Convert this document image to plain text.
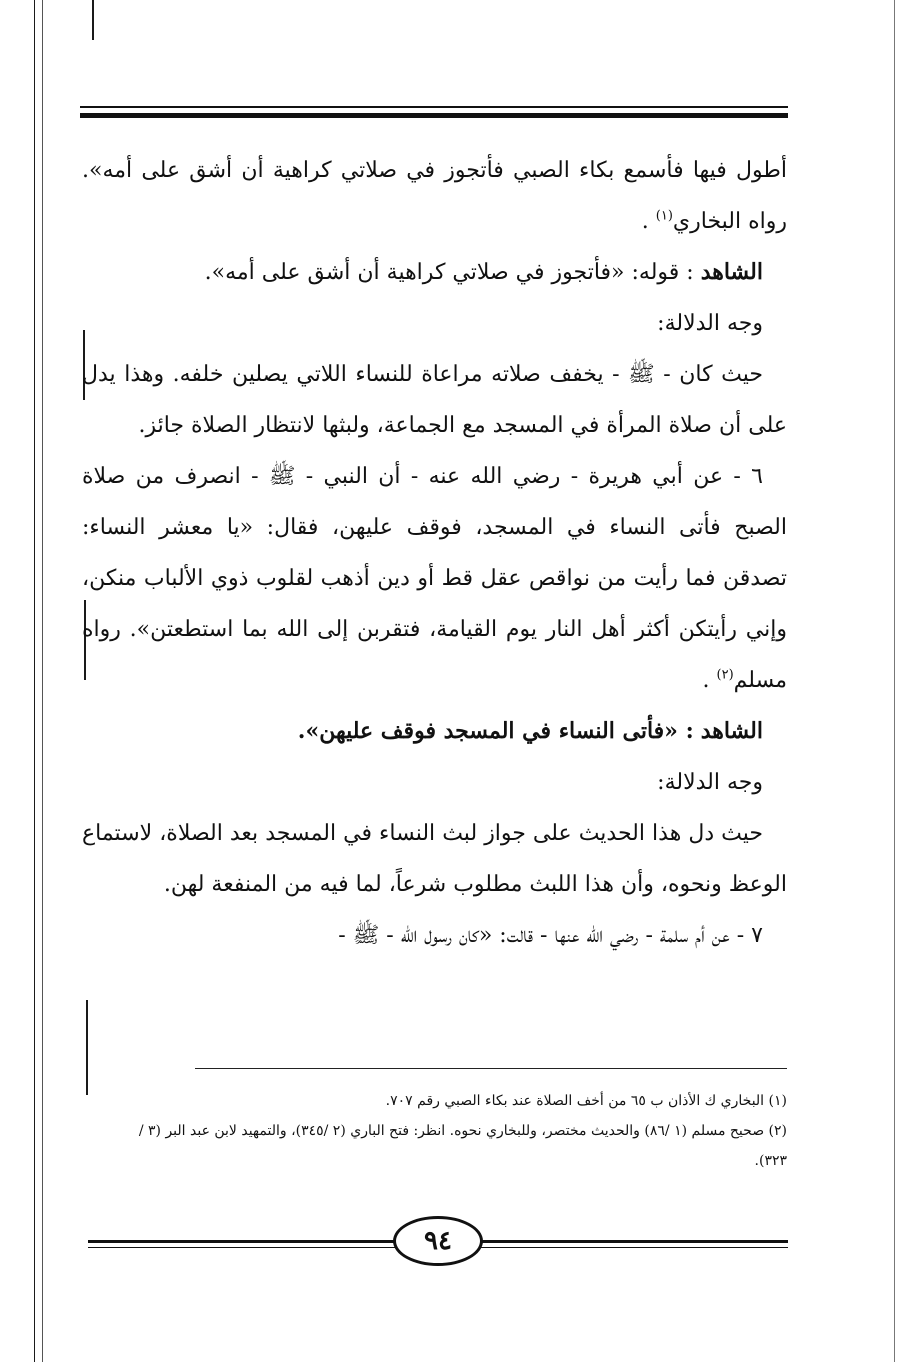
أطول فيها فأسمع بكاء الصبي فأتجوز في صلاتي كراهية أن أشق على أمه». رواه البخاري$^{(١)}$ .

الشاهد : قوله: «فأتجوز في صلاتي كراهية أن أشق على أمه».

وجه الدلالة:

حيث كان - ﷺ - يخفف صلاته مراعاة للنساء اللاتي يصلين خلفه. وهذا يدل على أن صلاة المرأة في المسجد مع الجماعة، ولبثها لانتظار الصلاة جائز.

٦ - عن أبي هريرة - رضي الله عنه - أن النبي - ﷺ - انصرف من صلاة الصبح فأتى النساء في المسجد، فوقف عليهن، فقال: «يا معشر النساء: تصدقن فما رأيت من نواقص عقل قط أو دين أذهب لقلوب ذوي الألباب منكن، وإني رأيتكن أكثر أهل النار يوم القيامة، فتقربن إلى الله بما استطعتن». رواه مسلم$^{(٢)}$ .

الشاهد : «فأتى النساء في المسجد فوقف عليهن».

وجه الدلالة:

حيث دل هذا الحديث على جواز لبث النساء في المسجد بعد الصلاة، لاستماع الوعظ ونحوه، وأن هذا اللبث مطلوب شرعاً، لما فيه من المنفعة لهن.

٧ - عن أم سلمة - رضي الله عنها - قالت: «كان رسول الله - ﷺ -

(١) البخاري ك الأذان ب ٦٥ من أخف الصلاة عند بكاء الصبي رقم ٧٠٧.

(٢) صحيح مسلم (١ /٨٦) والحديث مختصر، وللبخاري نحوه. انظر: فتح الباري (٢ /٣٤٥)، والتمهيد لابن عبد البر (٣ /٣٢٣).

٩٤
